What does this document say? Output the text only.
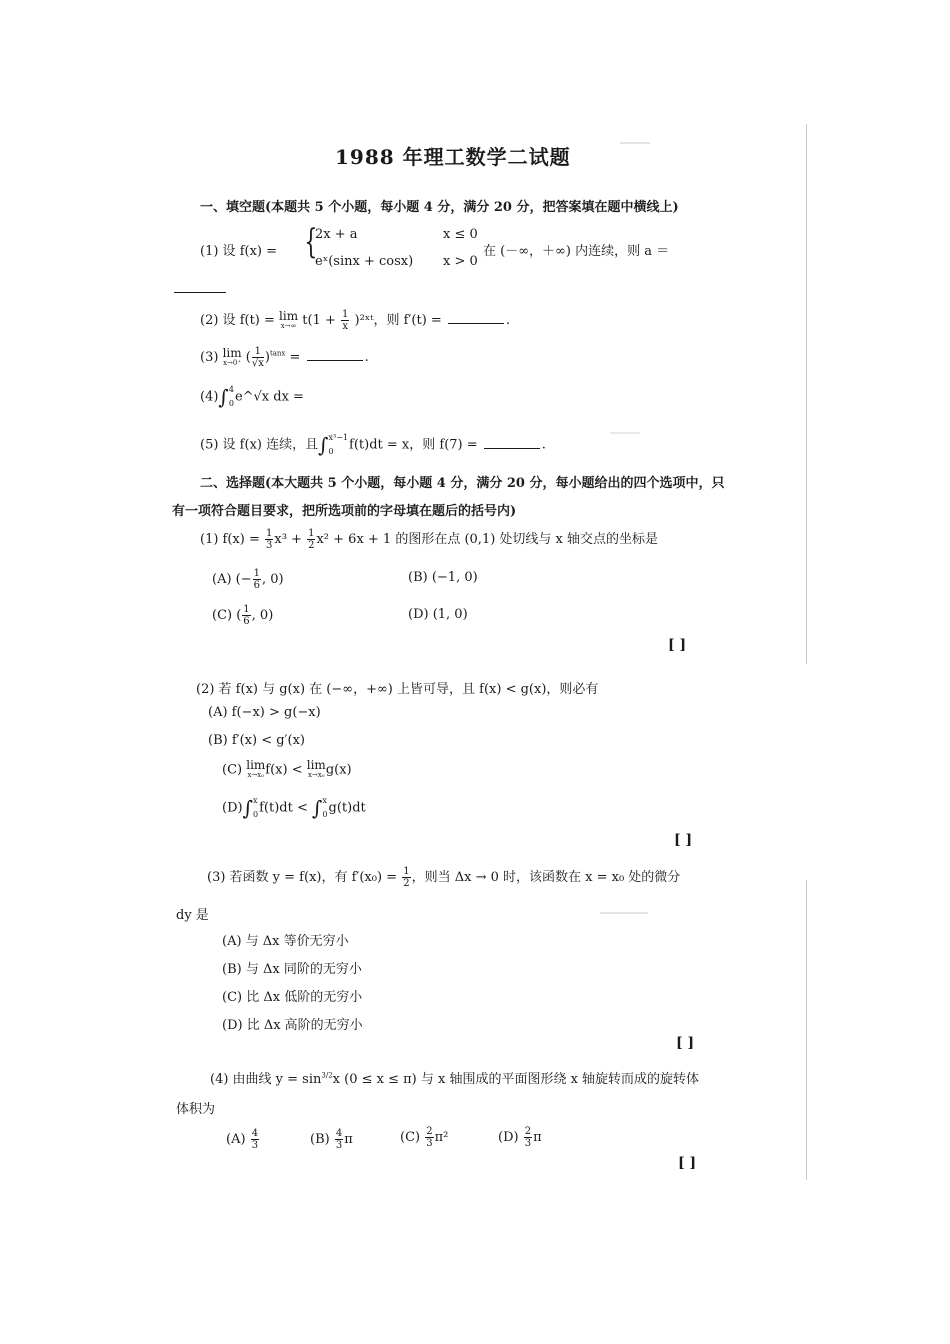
1988 年理工数学二试题
一、填空题(本题共 5 个小题，每小题 4 分，满分 20 分，把答案填在题中横线上)
(1) 设 f(x) = {
2x + a	x ≤ 0
eˣ(sinx + cosx) x > 0
在 (－∞，＋∞) 内连续，则 a ＝
(2) 设 f(t) = lim
x→∞ $t(1 + \frac{1}{x}$ )²ˣᵗ，则 f′(t) =	.
(3) lim
x→0⁺ ( $\frac{1}{√x} )^{tanx}$ =	.
(4)∫ 4
0 e^√x dx =
(5) 设 f(x) 连续，且∫ x³−1
0	f(t)dt = x，则 f(7) =	.
二、选择题(本大题共 5 个小题，每小题 4 分，满分 20 分，每小题给出的四个选项中，只
有一项符合题目要求，把所选项前的字母填在题后的括号内)
(1) $f(x) = \frac{1}{3} x^3 + \frac{1}{2} x^2 + 6x + 1$ 的图形在点 (0,1) 处切线与 x 轴交点的坐标是
(A) (− $\frac{1}{6}$ , 0)	(B) (−1, 0)
(C) ( $\frac{1}{6}$ , 0)	(D) (1, 0)
[ ]
(2) 若 f(x) 与 g(x) 在 (−∞，+∞) 上皆可导，且 f(x) < g(x)，则必有
(A) f(−x) > g(−x)
(B) f′(x) < g′(x)
(C) lim
x→x₀ f(x) < lim
x→x₀ g(x)
(D)∫ x
0 f(t)dt < ∫ x
0 g(t)dt
[ ]
(3) 若函数 y = f(x)，有 $f'(x_0) = \frac{1}{2}$ ，则当 Δx → 0 时，该函数在 x = x₀ 处的微分
dy 是
(A) 与 Δx 等价无穷小
(B) 与 Δx 同阶的无穷小
(C) 比 Δx 低阶的无穷小
(D) 比 Δx 高阶的无穷小
[ ]
(4) 由曲线 $y = \sin^{3/2}x$ (0 ≤ x ≤ π) 与 x 轴围成的平面图形绕 x 轴旋转而成的旋转体
体积为
$(A) \frac{4}{3}$	$(B) \frac{4}{3}$ π	$(C) \frac{2}{3} \pi^2$	$(D) \frac{2}{3}$ π
[ ]
